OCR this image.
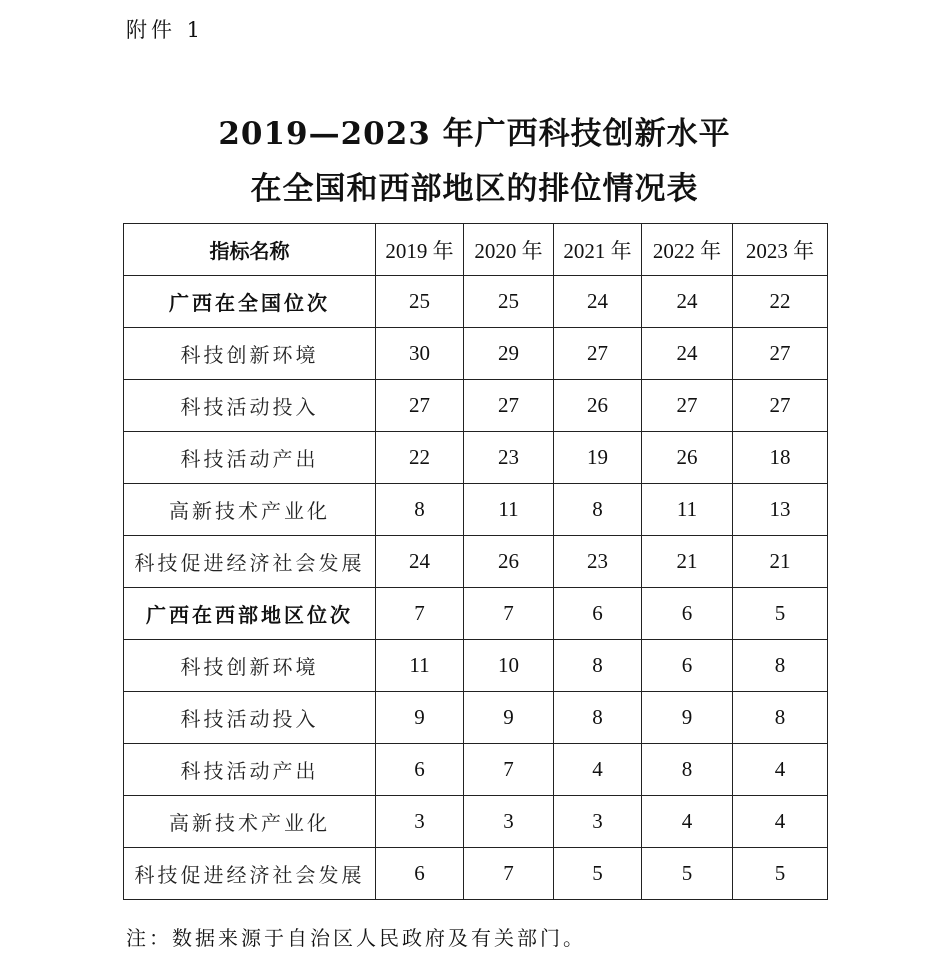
附件 1
2019—2023 年广西科技创新水平
在全国和西部地区的排位情况表
指标名称	2019 年	2020 年	2021 年	2022 年	2023 年
广西在全国位次	25	25	24	24	22
科技创新环境	30	29	27	24	27
科技活动投入	27	27	26	27	27
科技活动产出	22	23	19	26	18
高新技术产业化	8	11	8	11	13
科技促进经济社会发展	24	26	23	21	21
广西在西部地区位次	7	7	6	6	5
科技创新环境	11	10	8	6	8
科技活动投入	9	9	8	9	8
科技活动产出	6	7	4	8	4
高新技术产业化	3	3	3	4	4
科技促进经济社会发展	6	7	5	5	5
注：数据来源于自治区人民政府及有关部门。
